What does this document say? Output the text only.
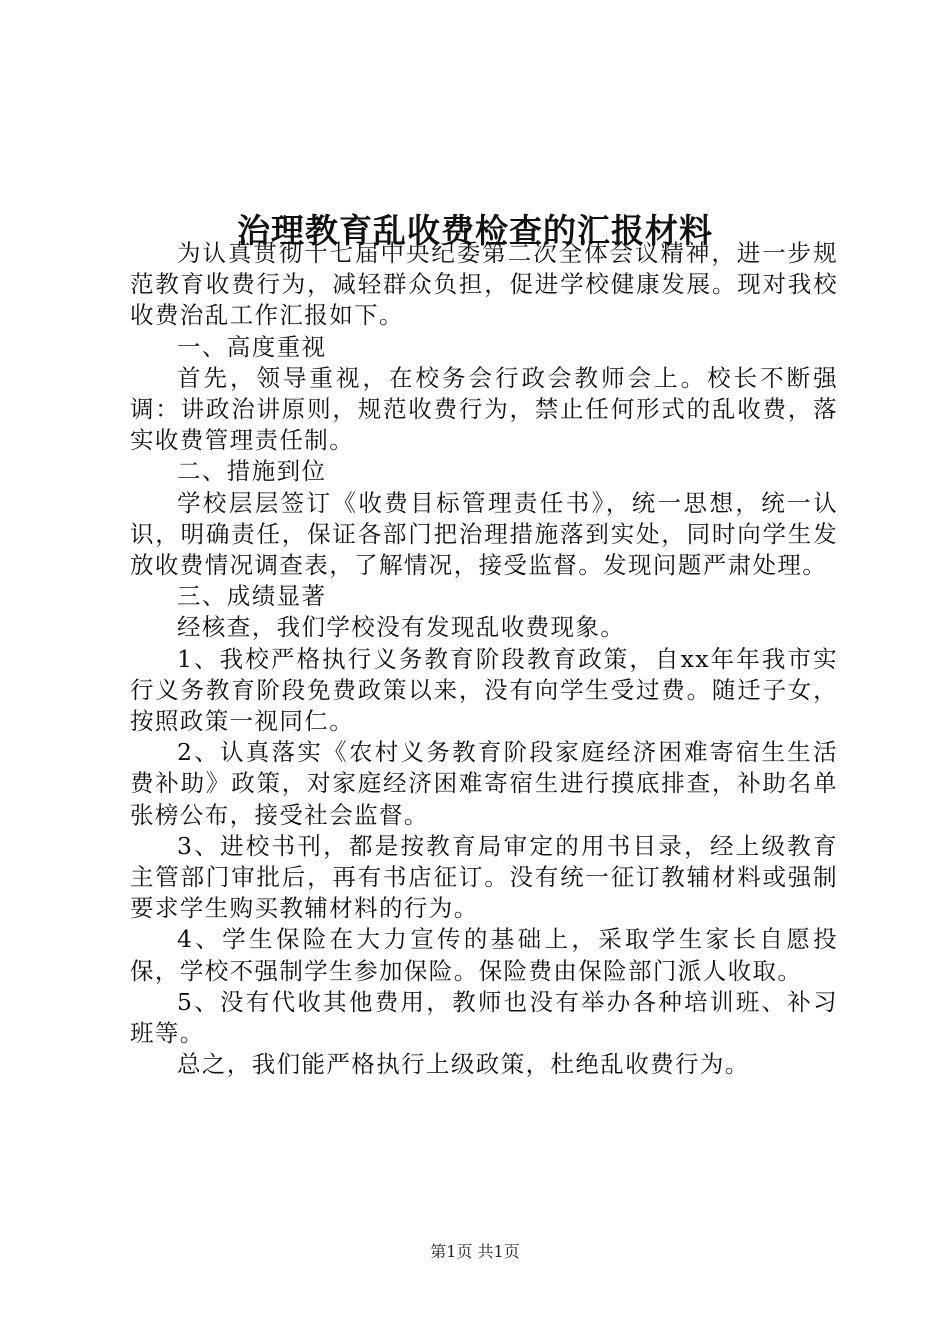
治理教育乱收费检查的汇报材料

为认真贯彻十七届中央纪委第二次全体会议精神，进一步规范教育收费行为，减轻群众负担，促进学校健康发展。现对我校收费治乱工作汇报如下。

一、高度重视

首先，领导重视，在校务会行政会教师会上。校长不断强调：讲政治讲原则，规范收费行为，禁止任何形式的乱收费，落实收费管理责任制。

二、措施到位

学校层层签订《收费目标管理责任书》，统一思想，统一认识，明确责任，保证各部门把治理措施落到实处，同时向学生发放收费情况调查表，了解情况，接受监督。发现问题严肃处理。

三、成绩显著

经核查，我们学校没有发现乱收费现象。

1、我校严格执行义务教育阶段教育政策，自xx年年我市实行义务教育阶段免费政策以来，没有向学生受过费。随迁子女，按照政策一视同仁。

2、认真落实《农村义务教育阶段家庭经济困难寄宿生生活费补助》政策，对家庭经济困难寄宿生进行摸底排查，补助名单张榜公布，接受社会监督。

3、进校书刊，都是按教育局审定的用书目录，经上级教育主管部门审批后，再有书店征订。没有统一征订教辅材料或强制要求学生购买教辅材料的行为。

4、学生保险在大力宣传的基础上，采取学生家长自愿投保，学校不强制学生参加保险。保险费由保险部门派人收取。

5、没有代收其他费用，教师也没有举办各种培训班、补习班等。

总之，我们能严格执行上级政策，杜绝乱收费行为。

第1页 共1页
